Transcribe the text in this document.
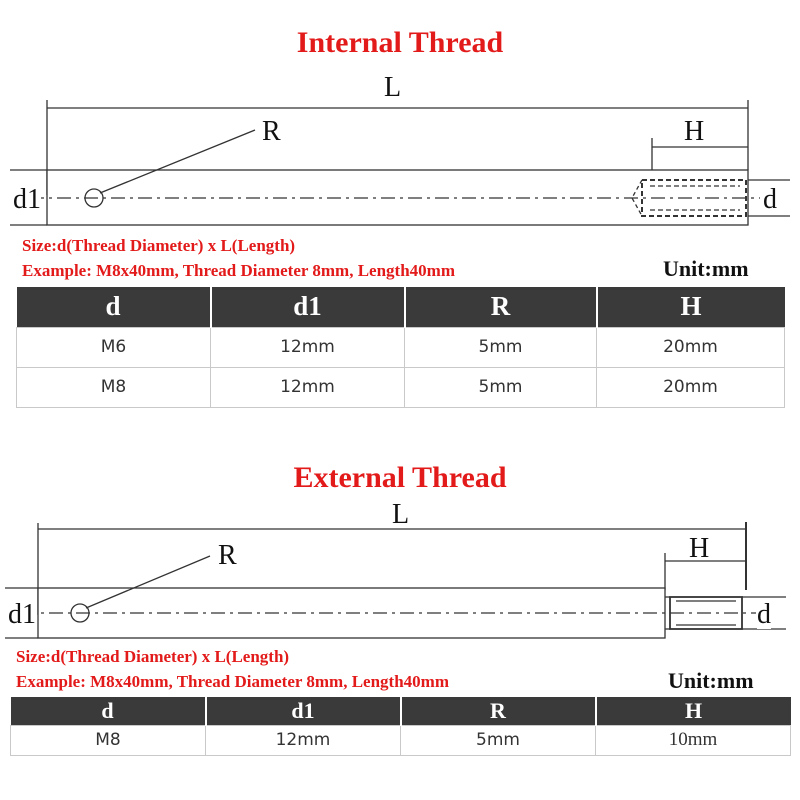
Internal Thread
L
R	H
d1	d
Size:d(Thread Diameter) x L(Length)
Example: M8x40mm, Thread Diameter 8mm, Length40mm	Unit:mm
d	d1	R	H
M6	12mm	5mm	20mm
M8	12mm	5mm	20mm
External Thread
L
R	H
d1	d
Size:d(Thread Diameter) x L(Length)
Example: M8x40mm, Thread Diameter 8mm, Length40mm	Unit:mm
d	d1	R	H
M8	12mm	5mm	10mm
